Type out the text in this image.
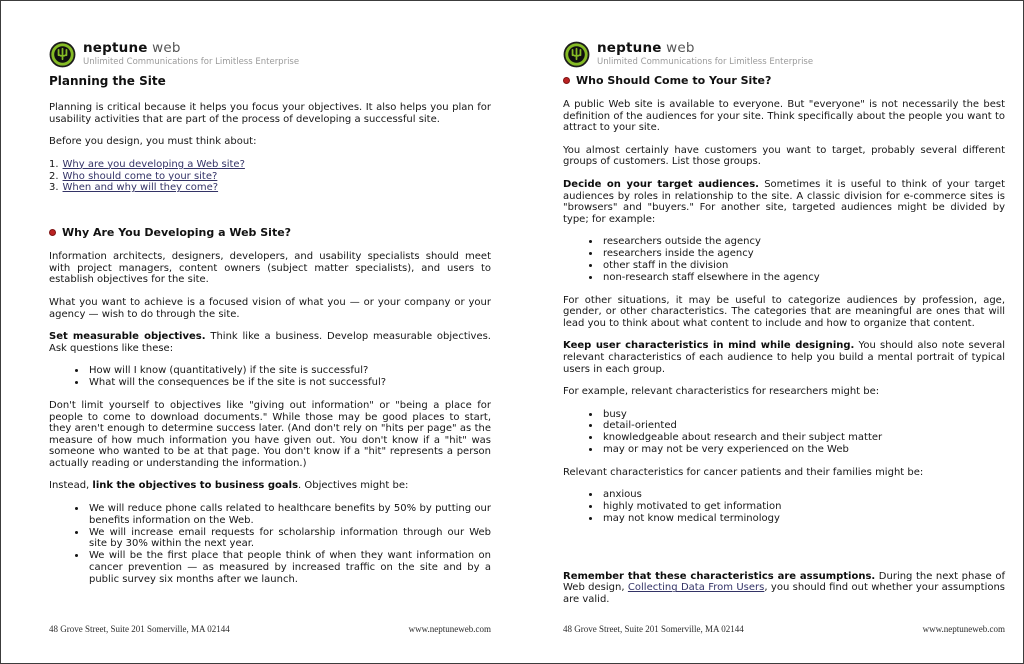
neptune web
Unlimited Communications for Limitless Enterprise
Planning the Site

Planning is critical because it helps you focus your objectives. It also helps you plan for usability activities that are part of the process of developing a successful site.

Before you design, you must think about:

1. Why are you developing a Web site?
2. Who should come to your site?
3. When and why will they come?
Why Are You Developing a Web Site?

Information architects, designers, developers, and usability specialists should meet with project managers, content owners (subject matter specialists), and users to establish objectives for the site.

What you want to achieve is a focused vision of what you — or your company or your agency — wish to do through the site.

Set measurable objectives. Think like a business. Develop measurable objectives. Ask questions like these:

• How will I know (quantitatively) if the site is successful?
• What will the consequences be if the site is not successful?

Don't limit yourself to objectives like "giving out information" or "being a place for people to come to download documents." While those may be good places to start, they aren't enough to determine success later. (And don't rely on "hits per page" as the measure of how much information you have given out. You don't know if a "hit" was someone who wanted to be at that page. You don't know if a "hit" represents a person actually reading or understanding the information.)

Instead, link the objectives to business goals. Objectives might be:

• We will reduce phone calls related to healthcare benefits by 50% by putting our benefits information on the Web.
• We will increase email requests for scholarship information through our Web site by 30% within the next year.
• We will be the first place that people think of when they want information on cancer prevention — as measured by increased traffic on the site and by a public survey six months after we launch.
neptune web
Unlimited Communications for Limitless Enterprise
Who Should Come to Your Site?

A public Web site is available to everyone. But "everyone" is not necessarily the best definition of the audiences for your site. Think specifically about the people you want to attract to your site.

You almost certainly have customers you want to target, probably several different groups of customers. List those groups.

Decide on your target audiences. Sometimes it is useful to think of your target audiences by roles in relationship to the site. A classic division for e-commerce sites is "browsers" and "buyers." For another site, targeted audiences might be divided by type; for example:

• researchers outside the agency
• researchers inside the agency
• other staff in the division
• non-research staff elsewhere in the agency

For other situations, it may be useful to categorize audiences by profession, age, gender, or other characteristics. The categories that are meaningful are ones that will lead you to think about what content to include and how to organize that content.

Keep user characteristics in mind while designing. You should also note several relevant characteristics of each audience to help you build a mental portrait of typical users in each group.

For example, relevant characteristics for researchers might be:

• busy
• detail-oriented
• knowledgeable about research and their subject matter
• may or may not be very experienced on the Web

Relevant characteristics for cancer patients and their families might be:

• anxious
• highly motivated to get information
• may not know medical terminology

Remember that these characteristics are assumptions. During the next phase of Web design, Collecting Data From Users, you should find out whether your assumptions are valid.

48 Grove Street, Suite 201 Somerville, MA 02144	www.neptuneweb.com	48 Grove Street, Suite 201 Somerville, MA 02144	www.neptuneweb.com
